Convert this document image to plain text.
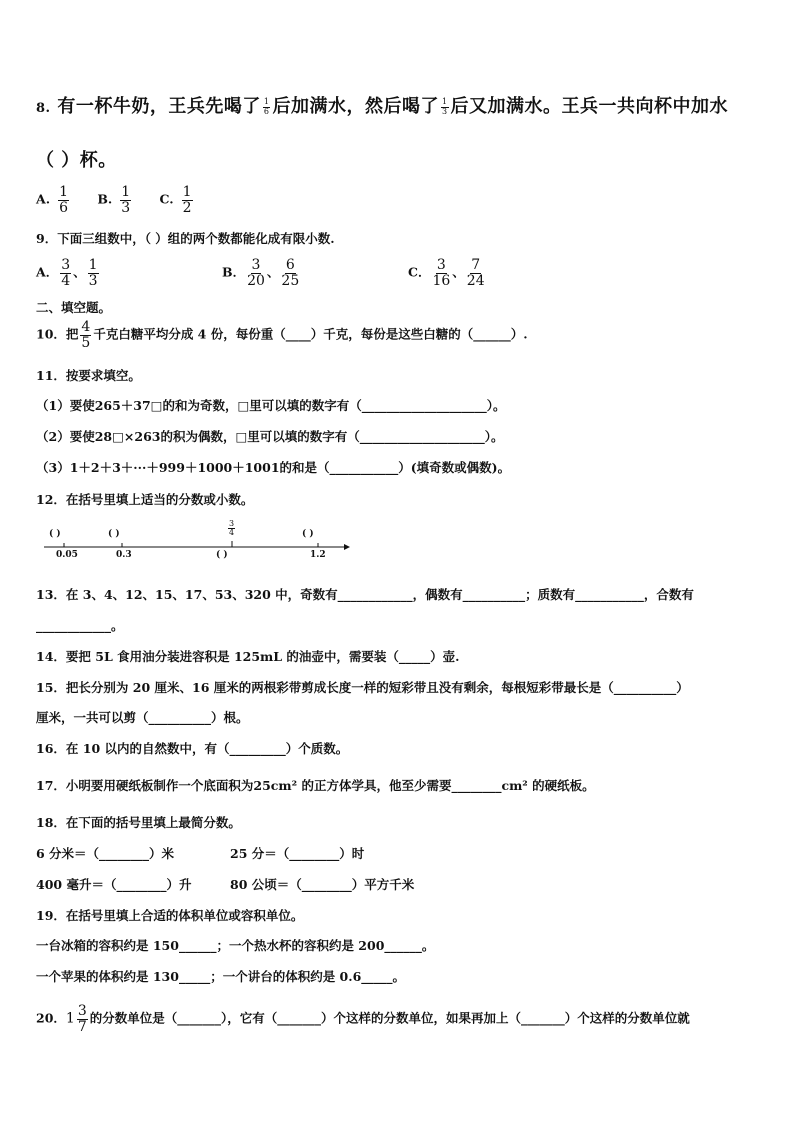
8. 有一杯牛奶，王兵先喝了 $\frac{1}{6}$ 后加满水，然后喝了 $\frac{1}{3}$ 后又加满水。王兵一共向杯中加水
（ ）杯。
A. $\frac{1}{6} B$. $\frac{1}{3} C$. $\frac{1}{2}$
9．下面三组数中，（ ）组的两个数都能化成有限小数.
A． $\frac{3}{4}$ 、 $\frac{1}{3}$	B． $\frac{3}{20}$ 、 $\frac{6}{25}$	C． $\frac{3}{16}$ 、 $\frac{7}{24}$
二、填空题。
10．把 $\frac{4}{5}$ 千克白糖平均分成 4 份，每份重（____）千克，每份是这些白糖的（______）.
11．按要求填空。
（1）要使265＋37□的和为奇数，□里可以填的数字有（____________________）。
（2）要使28□×263的积为偶数，□里可以填的数字有（____________________）。
（3）1＋2＋3＋···＋999＋1000＋1001的和是（___________）(填奇数或偶数)。
12．在括号里填上适当的分数或小数。
( )	( )	( )
( )
3
4
0.05	0.3	1.2
13．在 3、4、12、15、17、53、320 中，奇数有____________，偶数有__________；质数有___________，合数有
____________。
14．要把 5L 食用油分装进容积是 125mL 的油壶中，需要装（_____）壶.
15．把长分别为 20 厘米、16 厘米的两根彩带剪成长度一样的短彩带且没有剩余，每根短彩带最长是（__________）
厘米，一共可以剪（__________）根。
16．在 10 以内的自然数中，有（_________）个质数。
17．小明要用硬纸板制作一个底面积为25cm² 的正方体学具，他至少需要________cm² 的硬纸板。
18．在下面的括号里填上最简分数。
6 分米＝（________）米	25 分＝（________）时
400 毫升＝（________）升	80 公顷＝（________）平方千米
19．在括号里填上合适的体积单位或容积单位。
一台冰箱的容积约是 150______；一个热水杯的容积约是 200______。
一个苹果的体积约是 130_____；一个讲台的体积约是 0.6_____。
20．$1 \frac{3}{7}$ 的分数单位是（_______），它有（_______）个这样的分数单位，如果再加上（_______）个这样的分数单位就
